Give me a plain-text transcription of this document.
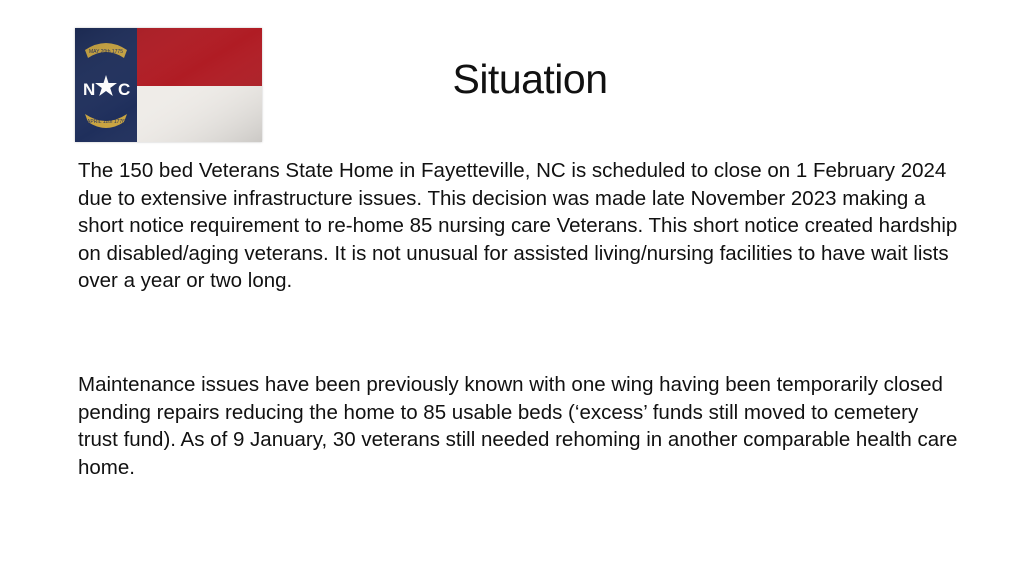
Situation

The 150 bed Veterans State Home in Fayetteville, NC is scheduled to close on 1 February 2024 due to extensive infrastructure issues. This decision was made late November 2023 making a short notice requirement to re-home 85 nursing care Veterans. This short notice created hardship on disabled/aging veterans. It is not unusual for assisted living/nursing facilities to have wait lists over a year or two long.

Maintenance issues have been previously known with one wing having been temporarily closed pending repairs reducing the home to 85 usable beds (‘excess’ funds still moved to cemetery trust fund). As of 9 January, 30 veterans still needed rehoming in another comparable health care home.
